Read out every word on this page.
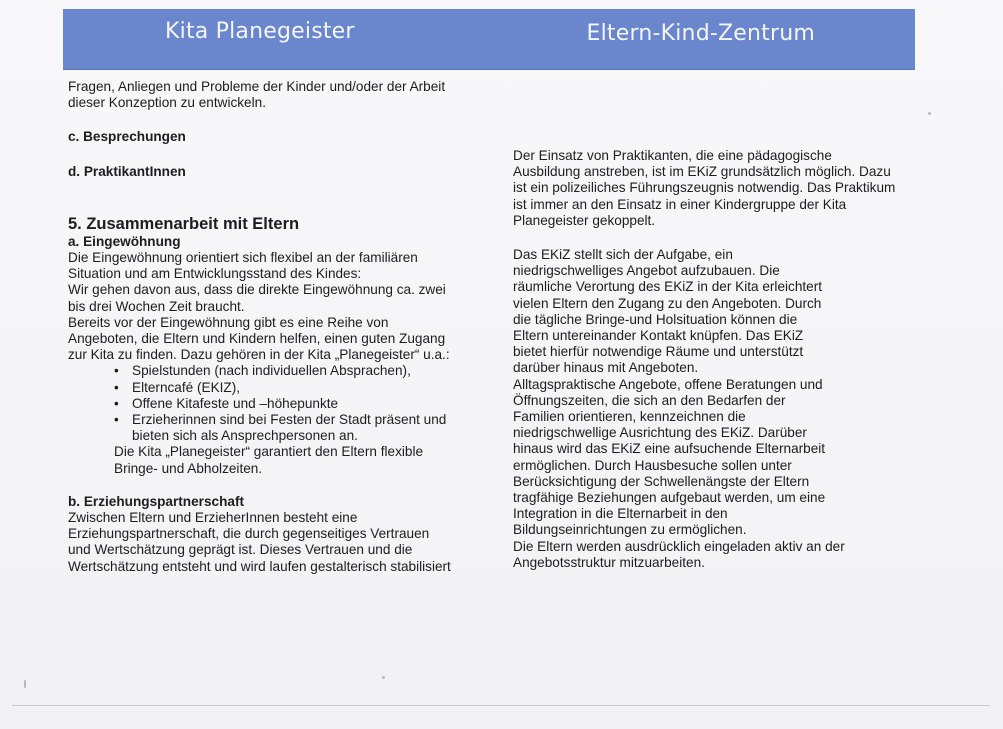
Kita Planegeister	Eltern-Kind-Zentrum

Fragen, Anliegen und Probleme der Kinder und/oder der Arbeit

dieser Konzeption zu entwickeln.

c. Besprechungen

d. PraktikantInnen

5. Zusammenarbeit mit Eltern

a. Eingewöhnung

Die Eingewöhnung orientiert sich flexibel an der familiären

Situation und am Entwicklungsstand des Kindes:

Wir gehen davon aus, dass die direkte Eingewöhnung ca. zwei

bis drei Wochen Zeit braucht.

Bereits vor der Eingewöhnung gibt es eine Reihe von

Angeboten, die Eltern und Kindern helfen, einen guten Zugang

zur Kita zu finden. Dazu gehören in der Kita „Planegeister“ u.a.:

• Spielstunden (nach individuellen Absprachen),
• Elterncafé (EKIZ),
• Offene Kitafeste und –höhepunkte
• Erzieherinnen sind bei Festen der Stadt präsent und
bieten sich als Ansprechpersonen an.

Die Kita „Planegeister“ garantiert den Eltern flexible

Bringe- und Abholzeiten.

b. Erziehungspartnerschaft

Zwischen Eltern und ErzieherInnen besteht eine

Erziehungspartnerschaft, die durch gegenseitiges Vertrauen

und Wertschätzung geprägt ist. Dieses Vertrauen und die

Wertschätzung entsteht und wird laufen gestalterisch stabilisiert

Der Einsatz von Praktikanten, die eine pädagogische

Ausbildung anstreben, ist im EKiZ grundsätzlich möglich. Dazu

ist ein polizeiliches Führungszeugnis notwendig. Das Praktikum

ist immer an den Einsatz in einer Kindergruppe der Kita

Planegeister gekoppelt.

Das EKiZ stellt sich der Aufgabe, ein

niedrigschwelliges Angebot aufzubauen. Die

räumliche Verortung des EKiZ in der Kita erleichtert

vielen Eltern den Zugang zu den Angeboten. Durch

die tägliche Bringe-und Holsituation können die

Eltern untereinander Kontakt knüpfen. Das EKiZ

bietet hierfür notwendige Räume und unterstützt

darüber hinaus mit Angeboten.

Alltagspraktische Angebote, offene Beratungen und

Öffnungszeiten, die sich an den Bedarfen der

Familien orientieren, kennzeichnen die

niedrigschwellige Ausrichtung des EKiZ. Darüber

hinaus wird das EKiZ eine aufsuchende Elternarbeit

ermöglichen. Durch Hausbesuche sollen unter

Berücksichtigung der Schwellenängste der Eltern

tragfähige Beziehungen aufgebaut werden, um eine

Integration in die Elternarbeit in den

Bildungseinrichtungen zu ermöglichen.

Die Eltern werden ausdrücklich eingeladen aktiv an der

Angebotsstruktur mitzuarbeiten.
